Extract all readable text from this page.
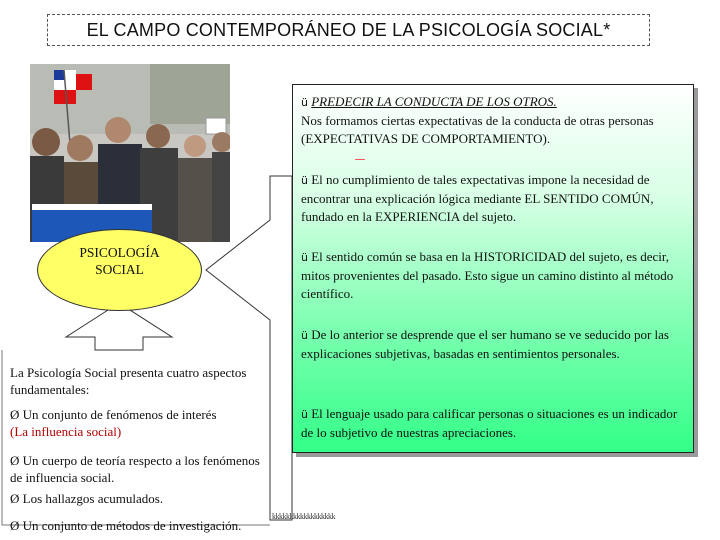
EL CAMPO CONTEMPORÁNEO DE LA PSICOLOGÍA SOCIAL*
PSICOLOGÍA
SOCIAL
ü PREDECIR LA CONDUCTA DE LOS OTROS.
Nos formamos ciertas expectativas de la conducta de otras personas (EXPECTATIVAS DE COMPORTAMIENTO).
ü El no cumplimiento de tales expectativas impone la necesidad de encontrar una explicación lógica mediante EL SENTIDO COMÚN, fundado en la EXPERIENCIA del sujeto.
ü El sentido común se basa en la HISTORICIDAD del sujeto, es decir, mitos provenientes del pasado. Esto sigue un camino distinto al método científico.
ü De lo anterior se desprende que el ser humano se ve seducido por las explicaciones subjetivas, basadas en sentimientos personales.
ü El lenguaje usado para calificar personas o situaciones es un indicador de lo subjetivo de nuestras apreciaciones.
La Psicología Social presenta cuatro aspectos fundamentales:
Ø Un conjunto de fenómenos de interés
(La influencia social)
Ø Un cuerpo de teoría respecto a los fenómenos de influencia social.
Ø Los hallazgos acumulados.
Ø Un conjunto de métodos de investigación.
kkkkkkkkkkkkkkkkkk
